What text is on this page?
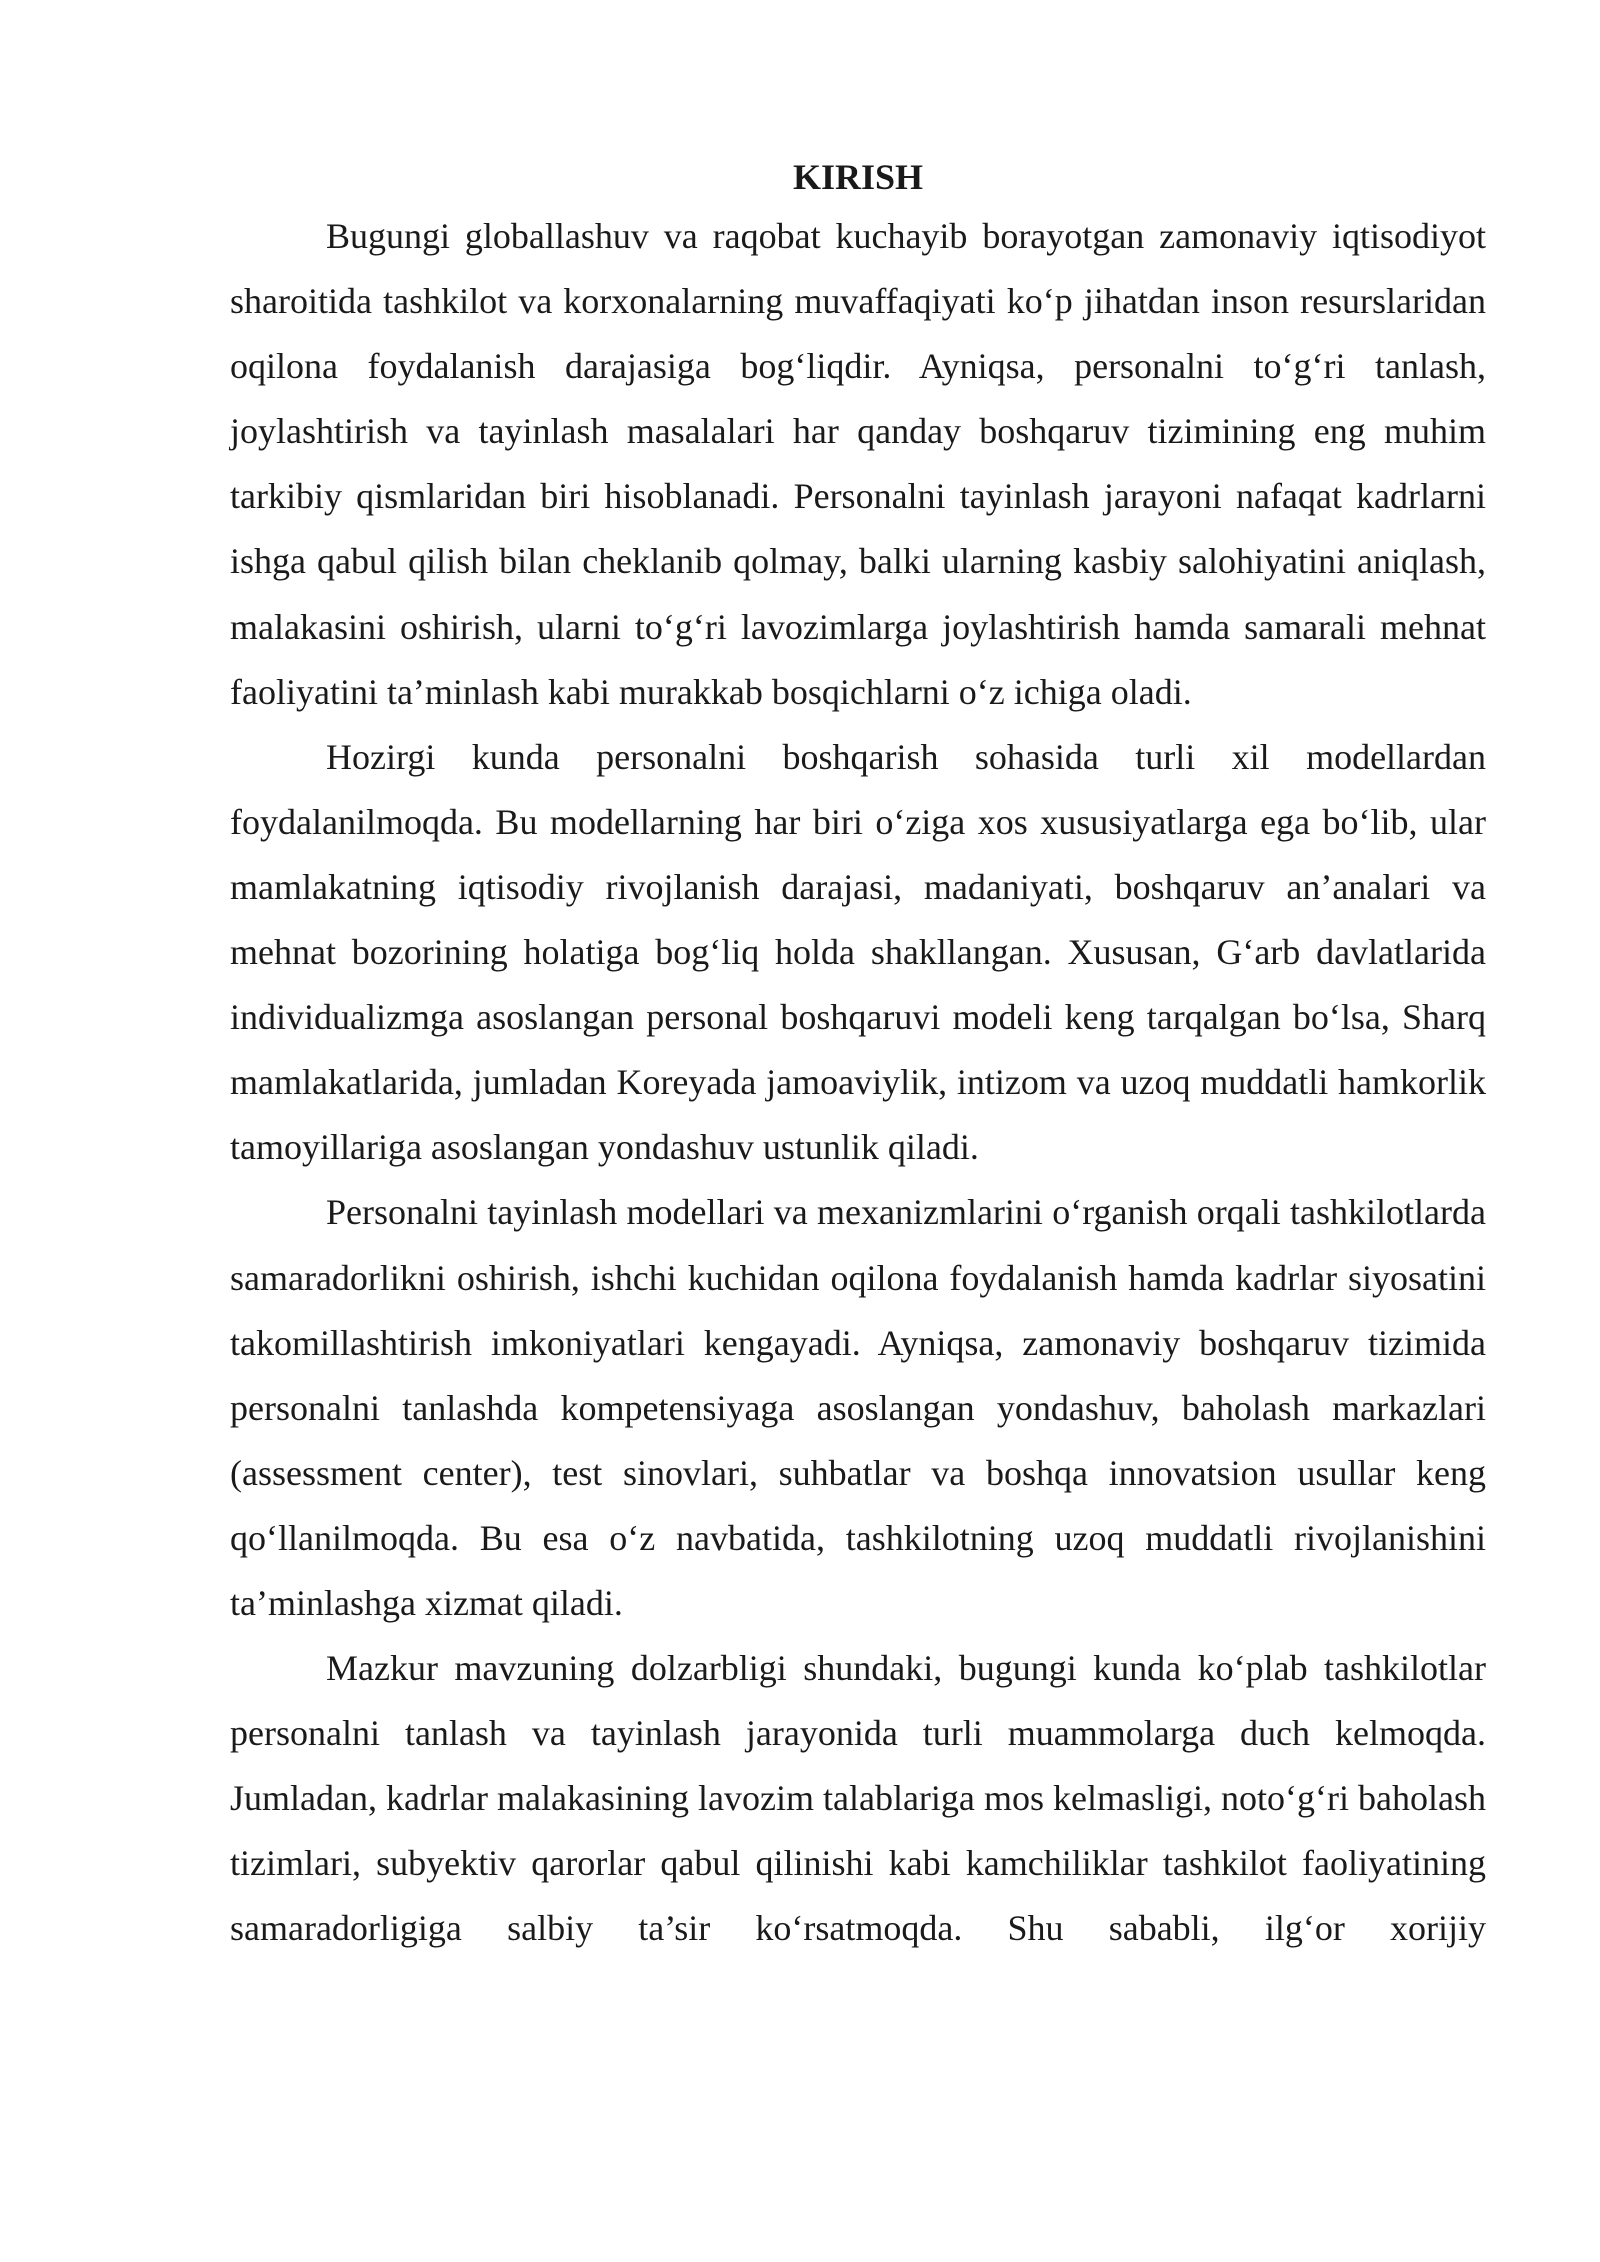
KIRISH

Bugungi globallashuv va raqobat kuchayib borayotgan zamonaviy iqtisodiyot sharoitida tashkilot va korxonalarning muvaffaqiyati ko‘p jihatdan inson resurslaridan oqilona foydalanish darajasiga bog‘liqdir. Ayniqsa, personalni to‘g‘ri tanlash, joylashtirish va tayinlash masalalari har qanday boshqaruv tizimining eng muhim tarkibiy qismlaridan biri hisoblanadi. Personalni tayinlash jarayoni nafaqat kadrlarni ishga qabul qilish bilan cheklanib qolmay, balki ularning kasbiy salohiyatini aniqlash, malakasini oshirish, ularni to‘g‘ri lavozimlarga joylashtirish hamda samarali mehnat faoliyatini ta’minlash kabi murakkab bosqichlarni o‘z ichiga oladi.

Hozirgi kunda personalni boshqarish sohasida turli xil modellardan foydalanilmoqda. Bu modellarning har biri o‘ziga xos xususiyatlarga ega bo‘lib, ular mamlakatning iqtisodiy rivojlanish darajasi, madaniyati, boshqaruv an’analari va mehnat bozorining holatiga bog‘liq holda shakllangan. Xususan, G‘arb davlatlarida individualizmga asoslangan personal boshqaruvi modeli keng tarqalgan bo‘lsa, Sharq mamlakatlarida, jumladan Koreyada jamoaviylik, intizom va uzoq muddatli hamkorlik tamoyillariga asoslangan yondashuv ustunlik qiladi.

Personalni tayinlash modellari va mexanizmlarini o‘rganish orqali tashkilotlarda samaradorlikni oshirish, ishchi kuchidan oqilona foydalanish hamda kadrlar siyosatini takomillashtirish imkoniyatlari kengayadi. Ayniqsa, zamonaviy boshqaruv tizimida personalni tanlashda kompetensiyaga asoslangan yondashuv, baholash markazlari (assessment center), test sinovlari, suhbatlar va boshqa innovatsion usullar keng qo‘llanilmoqda. Bu esa o‘z navbatida, tashkilotning uzoq muddatli rivojlanishini ta’minlashga xizmat qiladi.

Mazkur mavzuning dolzarbligi shundaki, bugungi kunda ko‘plab tashkilotlar personalni tanlash va tayinlash jarayonida turli muammolarga duch kelmoqda. Jumladan, kadrlar malakasining lavozim talablariga mos kelmasligi, noto‘g‘ri baholash tizimlari, subyektiv qarorlar qabul qilinishi kabi kamchiliklar tashkilot faoliyatining samaradorligiga salbiy ta’sir ko‘rsatmoqda. Shu sababli, ilg‘or xorijiy
